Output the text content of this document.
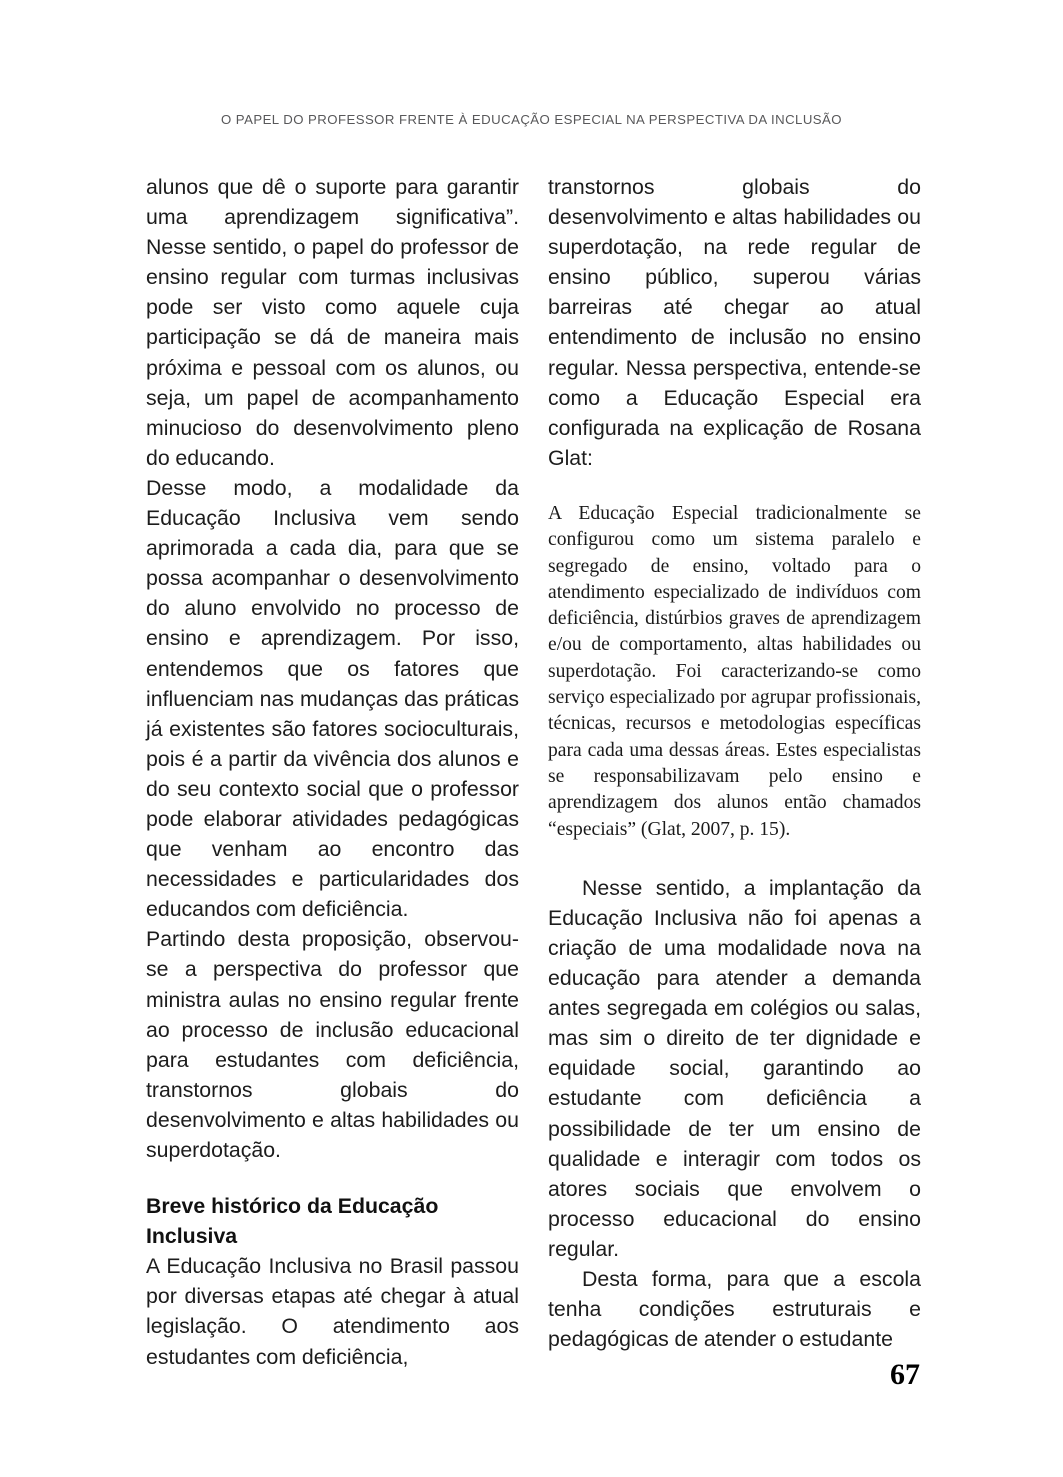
O PAPEL DO PROFESSOR FRENTE À EDUCAÇÃO ESPECIAL NA PERSPECTIVA DA INCLUSÃO

alunos que dê o suporte para garantir uma aprendizagem significativa”. Nesse sentido, o papel do professor de ensino regular com turmas inclusivas pode ser visto como aquele cuja participação se dá de maneira mais próxima e pessoal com os alunos, ou seja, um papel de acompanhamento minucioso do desenvolvimento pleno do educando.

Desse modo, a modalidade da Educação Inclusiva vem sendo aprimorada a cada dia, para que se possa acompanhar o desenvolvimento do aluno envolvido no processo de ensino e aprendizagem. Por isso, entendemos que os fatores que influenciam nas mudanças das práticas já existentes são fatores socioculturais, pois é a partir da vivência dos alunos e do seu contexto social que o professor pode elaborar atividades pedagógicas que venham ao encontro das necessidades e particularidades dos educandos com deficiência.

Partindo desta proposição, observou-se a perspectiva do professor que ministra aulas no ensino regular frente ao processo de inclusão educacional para estudantes com deficiência, transtornos globais do desenvolvimento e altas habilidades ou superdotação.

Breve histórico da Educação Inclusiva

A Educação Inclusiva no Brasil passou por diversas etapas até chegar à atual legislação. O atendimento aos estudantes com deficiência,

transtornos globais do desenvolvimento e altas habilidades ou superdotação, na rede regular de ensino público, superou várias barreiras até chegar ao atual entendimento de inclusão no ensino regular. Nessa perspectiva, entende-se como a Educação Especial era configurada na explicação de Rosana Glat:

A Educação Especial tradicionalmente se configurou como um sistema paralelo e segregado de ensino, voltado para o atendimento especializado de indivíduos com deficiência, distúrbios graves de aprendizagem e/ou de comportamento, altas habilidades ou superdotação. Foi caracterizando-se como serviço especializado por agrupar profissionais, técnicas, recursos e metodologias específicas para cada uma dessas áreas. Estes especialistas se responsabilizavam pelo ensino e aprendizagem dos alunos então chamados “especiais” (Glat, 2007, p. 15).

Nesse sentido, a implantação da Educação Inclusiva não foi apenas a criação de uma modalidade nova na educação para atender a demanda antes segregada em colégios ou salas, mas sim o direito de ter dignidade e equidade social, garantindo ao estudante com deficiência a possibilidade de ter um ensino de qualidade e interagir com todos os atores sociais que envolvem o processo educacional do ensino regular.

Desta forma, para que a escola tenha condições estruturais e pedagógicas de atender o estudante

67
